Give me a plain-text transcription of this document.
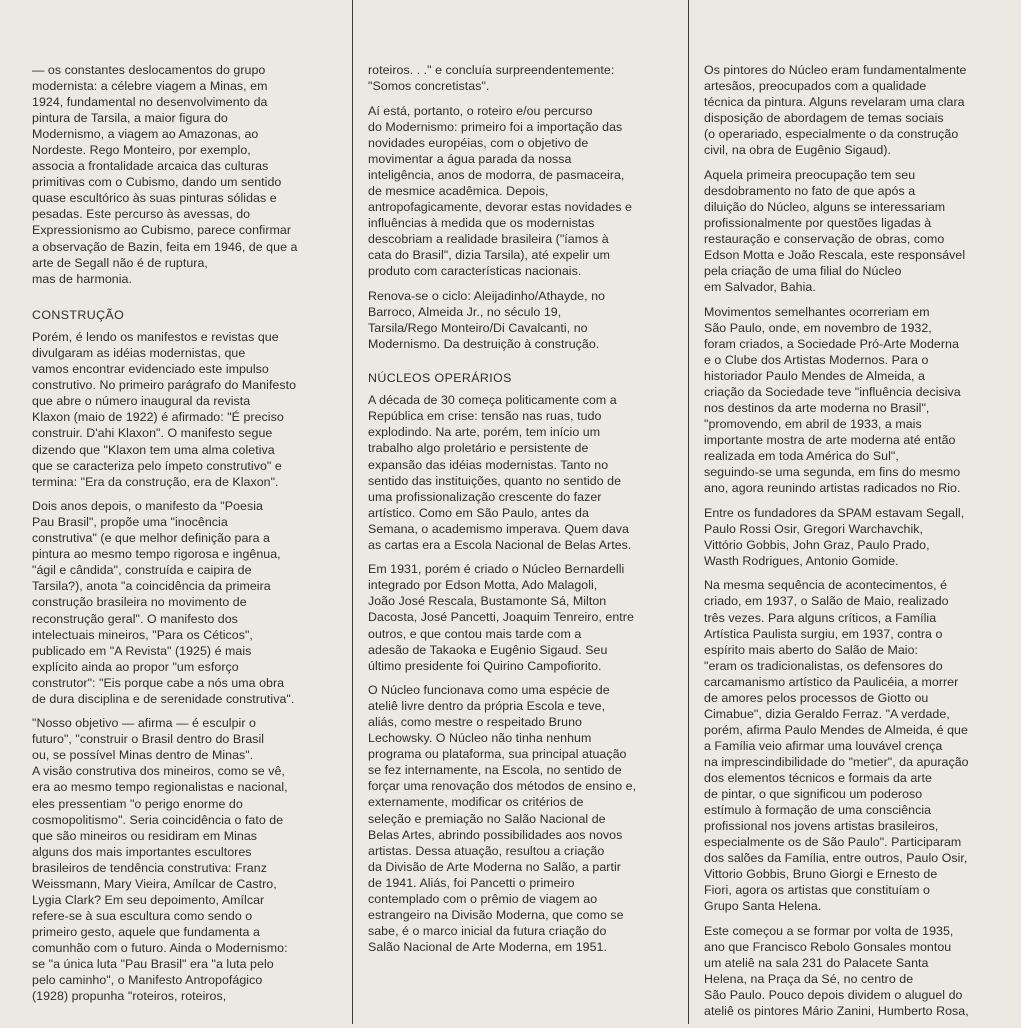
— os constantes deslocamentos do grupo
modernista: a célebre viagem a Minas, em
1924, fundamental no desenvolvimento da
pintura de Tarsila, a maior figura do
Modernismo, a viagem ao Amazonas, ao
Nordeste. Rego Monteiro, por exemplo,
associa a frontalidade arcaica das culturas
primitivas com o Cubismo, dando um sentido
quase escultórico às suas pinturas sólidas e
pesadas. Este percurso às avessas, do
Expressionismo ao Cubismo, parece confirmar
a observação de Bazin, feita em 1946, de que a
arte de Segall não é de ruptura,
mas de harmonia.

CONSTRUÇÃO

Porém, é lendo os manifestos e revistas que
divulgaram as idéias modernistas, que
vamos encontrar evidenciado este impulso
construtivo. No primeiro parágrafo do Manifesto
que abre o número inaugural da revista
Klaxon (maio de 1922) é afirmado: "É preciso
construir. D'ahi Klaxon". O manifesto segue
dizendo que "Klaxon tem uma alma coletiva
que se caracteriza pelo ímpeto construtivo" e
termina: "Era da construção, era de Klaxon".

Dois anos depois, o manifesto da "Poesia
Pau Brasil", propõe uma "inocência
construtiva" (e que melhor definição para a
pintura ao mesmo tempo rigorosa e ingênua,
"ágil e cândida", construída e caipira de
Tarsila?), anota "a coincidência da primeira
construção brasileira no movimento de
reconstrução geral". O manifesto dos
intelectuais mineiros, "Para os Céticos",
publicado em "A Revista" (1925) é mais
explícito ainda ao propor "um esforço
construtor": "Eis porque cabe a nós uma obra
de dura disciplina e de serenidade construtiva".

"Nosso objetivo — afirma — é esculpir o
futuro", "construir o Brasil dentro do Brasil
ou, se possível Minas dentro de Minas".
A visão construtiva dos mineiros, como se vê,
era ao mesmo tempo regionalistas e nacional,
eles pressentiam "o perigo enorme do
cosmopolitismo". Seria coincidência o fato de
que são mineiros ou residiram em Minas
alguns dos mais importantes escultores
brasileiros de tendência construtiva: Franz
Weissmann, Mary Vieira, Amílcar de Castro,
Lygia Clark? Em seu depoimento, Amílcar
refere-se à sua escultura como sendo o
primeiro gesto, aquele que fundamenta a
comunhão com o futuro. Ainda o Modernismo:
se "a única luta "Pau Brasil" era "a luta pelo
pelo caminho", o Manifesto Antropofágico
(1928) propunha "roteiros, roteiros,

roteiros. . ." e concluía surpreendentemente:
"Somos concretistas".

Aí está, portanto, o roteiro e/ou percurso
do Modernismo: primeiro foi a importação das
novidades européias, com o objetivo de
movimentar a água parada da nossa
inteligência, anos de modorra, de pasmaceira,
de mesmice acadêmica. Depois,
antropofagicamente, devorar estas novidades e
influências à medida que os modernistas
descobriam a realidade brasileira ("íamos à
cata do Brasil", dizia Tarsila), até expelir um
produto com características nacionais.

Renova-se o ciclo: Aleijadinho/Athayde, no
Barroco, Almeida Jr., no século 19,
Tarsila/Rego Monteiro/Di Cavalcanti, no
Modernismo. Da destruição à construção.

NÚCLEOS OPERÁRIOS

A década de 30 começa politicamente com a
República em crise: tensão nas ruas, tudo
explodindo. Na arte, porém, tem início um
trabalho algo proletário e persistente de
expansão das idéias modernistas. Tanto no
sentido das instituições, quanto no sentido de
uma profissionalização crescente do fazer
artístico. Como em São Paulo, antes da
Semana, o academismo imperava. Quem dava
as cartas era a Escola Nacional de Belas Artes.

Em 1931, porém é criado o Núcleo Bernardelli
integrado por Edson Motta, Ado Malagoli,
João José Rescala, Bustamonte Sá, Milton
Dacosta, José Pancetti, Joaquim Tenreiro, entre
outros, e que contou mais tarde com a
adesão de Takaoka e Eugênio Sigaud. Seu
último presidente foi Quirino Campofiorito.

O Núcleo funcionava como uma espécie de
ateliê livre dentro da própria Escola e teve,
aliás, como mestre o respeitado Bruno
Lechowsky. O Núcleo não tinha nenhum
programa ou plataforma, sua principal atuação
se fez internamente, na Escola, no sentido de
forçar uma renovação dos métodos de ensino e,
externamente, modificar os critérios de
seleção e premiação no Salão Nacional de
Belas Artes, abrindo possibilidades aos novos
artistas. Dessa atuação, resultou a criação
da Divisão de Arte Moderna no Salão, a partir
de 1941. Aliás, foi Pancetti o primeiro
contemplado com o prêmio de viagem ao
estrangeiro na Divisão Moderna, que como se
sabe, é o marco inicial da futura criação do
Salão Nacional de Arte Moderna, em 1951.

Os pintores do Núcleo eram fundamentalmente
artesãos, preocupados com a qualidade
técnica da pintura. Alguns revelaram uma clara
disposição de abordagem de temas sociais
(o operariado, especialmente o da construção
civil, na obra de Eugênio Sigaud).

Aquela primeira preocupação tem seu
desdobramento no fato de que após a
diluição do Núcleo, alguns se interessariam
profissionalmente por questões ligadas à
restauração e conservação de obras, como
Edson Motta e João Rescala, este responsável
pela criação de uma filial do Núcleo
em Salvador, Bahia.

Movimentos semelhantes ocorreriam em
São Paulo, onde, em novembro de 1932,
foram criados, a Sociedade Pró-Arte Moderna
e o Clube dos Artistas Modernos. Para o
historiador Paulo Mendes de Almeida, a
criação da Sociedade teve "influência decisiva
nos destinos da arte moderna no Brasil",
"promovendo, em abril de 1933, a mais
importante mostra de arte moderna até então
realizada em toda América do Sul",
seguindo-se uma segunda, em fins do mesmo
ano, agora reunindo artistas radicados no Rio.

Entre os fundadores da SPAM estavam Segall,
Paulo Rossi Osir, Gregori Warchavchik,
Vittório Gobbis, John Graz, Paulo Prado,
Wasth Rodrigues, Antonio Gomide.

Na mesma sequência de acontecimentos, é
criado, em 1937, o Salão de Maio, realizado
três vezes. Para alguns críticos, a Família
Artística Paulista surgiu, em 1937, contra o
espírito mais aberto do Salão de Maio:
"eram os tradicionalistas, os defensores do
carcamanismo artístico da Paulicéia, a morrer
de amores pelos processos de Giotto ou
Cimabue", dizia Geraldo Ferraz. "A verdade,
porém, afirma Paulo Mendes de Almeida, é que
a Família veio afirmar uma louvável crença
na imprescindibilidade do "metier", da apuração
dos elementos técnicos e formais da arte
de pintar, o que significou um poderoso
estímulo à formação de uma consciência
profissional nos jovens artistas brasileiros,
especialmente os de São Paulo". Participaram
dos salões da Família, entre outros, Paulo Osir,
Vittorio Gobbis, Bruno Giorgi e Ernesto de
Fiori, agora os artistas que constituíam o
Grupo Santa Helena.

Este começou a se formar por volta de 1935,
ano que Francisco Rebolo Gonsales montou
um ateliê na sala 231 do Palacete Santa
Helena, na Praça da Sé, no centro de
São Paulo. Pouco depois dividem o aluguel do
ateliê os pintores Mário Zanini, Humberto Rosa,
